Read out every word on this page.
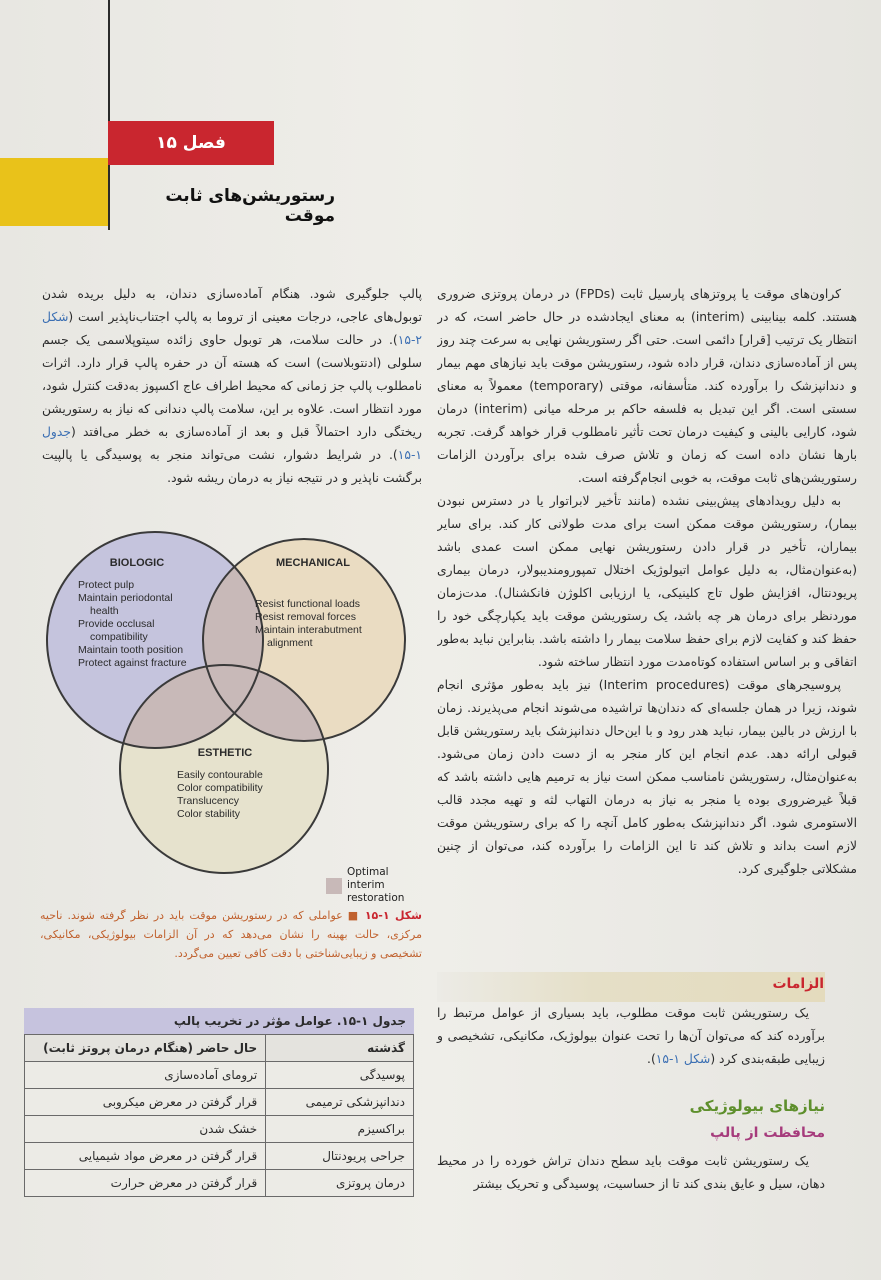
فصل ۱۵
رستوریشن‌های ثابت موقت

کراون‌های موقت یا پروتزهای پارسیل ثابت (FPDs) در درمان پروتزی ضروری هستند. کلمه بینابینی (interim) به معنای ایجادشده در حال حاضر است، که در انتظار یک ترتیب [قرار] دائمی است. حتی اگر رستوریشن نهایی به سرعت چند روز پس از آماده‌سازی دندان، قرار داده شود، رستوریشن موقت باید نیازهای مهم بیمار و دندانپزشک را برآورده کند. متأسفانه، موقتی (temporary) معمولاً به معنای سستی است. اگر این تبدیل به فلسفه حاکم بر مرحله میانی (interim) درمان شود، کارایی بالینی و کیفیت درمان تحت تأثیر نامطلوب قرار خواهد گرفت. تجربه بارها نشان داده است که زمان و تلاش صرف شده برای برآوردن الزامات رستوریشن‌های ثابت موقت، به خوبی انجام‌گرفته است.

به دلیل رویدادهای پیش‌بینی نشده (مانند تأخیر لابراتوار یا در دسترس نبودن بیمار)، رستوریشن موقت ممکن است برای مدت طولانی کار کند. برای سایر بیماران، تأخیر در قرار دادن رستوریشن نهایی ممکن است عمدی باشد (به‌عنوان‌مثال، به دلیل عوامل اتیولوژیک اختلال تمپورومندیبولار، درمان بیماری پریودنتال، افزایش طول تاج کلینیکی، یا ارزیابی اکلوژن فانکشنال). مدت‌زمان موردنظر برای درمان هر چه باشد، یک رستوریشن موقت باید یکپارچگی خود را حفظ کند و کفایت لازم برای حفظ سلامت بیمار را داشته باشد. بنابراین نباید به‌طور اتفاقی و بر اساس استفاده کوتاه‌مدت مورد انتظار ساخته شود.

پروسیجرهای موقت (Interim procedures) نیز باید به‌طور مؤثری انجام شوند، زیرا در همان جلسه‌ای که دندان‌ها تراشیده می‌شوند انجام می‌پذیرند. زمان با ارزش در بالین بیمار، نباید هدر رود و با این‌حال دندانپزشک باید رستوریشن قابل قبولی ارائه دهد. عدم انجام این کار منجر به از دست دادن زمان می‌شود. به‌عنوان‌مثال، رستوریشن نامناسب ممکن است نیاز به ترمیم هایی داشته باشد که قبلاً غیرضروری بوده یا منجر به نیاز به درمان التهاب لثه و تهیه مجدد قالب الاستومری شود. اگر دندانپزشک به‌طور کامل آنچه را که برای رستوریشن موقت لازم است بداند و تلاش کند تا این الزامات را برآورده کند، می‌توان از چنین مشکلاتی جلوگیری کرد.

پالپ جلوگیری شود. هنگام آماده‌سازی دندان، به دلیل بریده شدن توبول‌های عاجی، درجات معینی از تروما به پالپ اجتناب‌ناپذیر است (شکل ۲-۱۵). در حالت سلامت، هر توبول حاوی زائده سیتوپلاسمی یک جسم سلولی (ادنتوبلاست) است که هسته آن در حفره پالپ قرار دارد. اثرات نامطلوب پالپ جز زمانی که محیط اطراف عاج اکسپوز به‌دقت کنترل شود، مورد انتظار است. علاوه بر این، سلامت پالپ دندانی که نیاز به رستوریشن ریختگی دارد احتمالاً قبل و بعد از آماده‌سازی به خطر می‌افتد (جدول ۱-۱۵). در شرایط دشوار، نشت می‌تواند منجر به پوسیدگی یا پالپیت برگشت ناپذیر و در نتیجه نیاز به درمان ریشه شود.

BIOLOGIC
Protect pulp
Maintain periodontal
health
Provide occlusal
compatibility
Maintain tooth position
Protect against fracture
MECHANICAL
Resist functional loads
Resist removal forces
Maintain interabutment
alignment
ESTHETIC
Easily contourable
Color compatibility
Translucency
Color stability
Optimal
interim
restoration
شکل ۱-۱۵ ■ عواملی که در رستوریشن موقت باید در نظر گرفته شوند. ناحیه مرکزی، حالت بهینه را نشان می‌دهد که در آن الزامات بیولوژیکی، مکانیکی، تشخیصی و زیبایی‌شناختی با دقت کافی تعیین می‌گردد.
جدول ۱-۱۵. عوامل مؤثر در تخریب پالپ
گذشته	حال حاضر (هنگام درمان پروتز ثابت)
پوسیدگی	ترومای آماده‌سازی
دندانپزشکی ترمیمی	قرار گرفتن در معرض میکروبی
براکسیزم	خشک شدن
جراحی پریودنتال	قرار گرفتن در معرض مواد شیمیایی
درمان پروتزی	قرار گرفتن در معرض حرارت
الزامات

یک رستوریشن ثابت موقت مطلوب، باید بسیاری از عوامل مرتبط را برآورده کند که می‌توان آن‌ها را تحت عنوان بیولوژیک، مکانیکی، تشخیصی و زیبایی طبقه‌بندی کرد (شکل ۱-۱۵).

نیازهای بیولوژیکی
محافظت از پالپ

یک رستوریشن ثابت موقت باید سطح دندان تراش خورده را در محیط دهان، سیل و عایق بندی کند تا از حساسیت، پوسیدگی و تحریک بیشتر
